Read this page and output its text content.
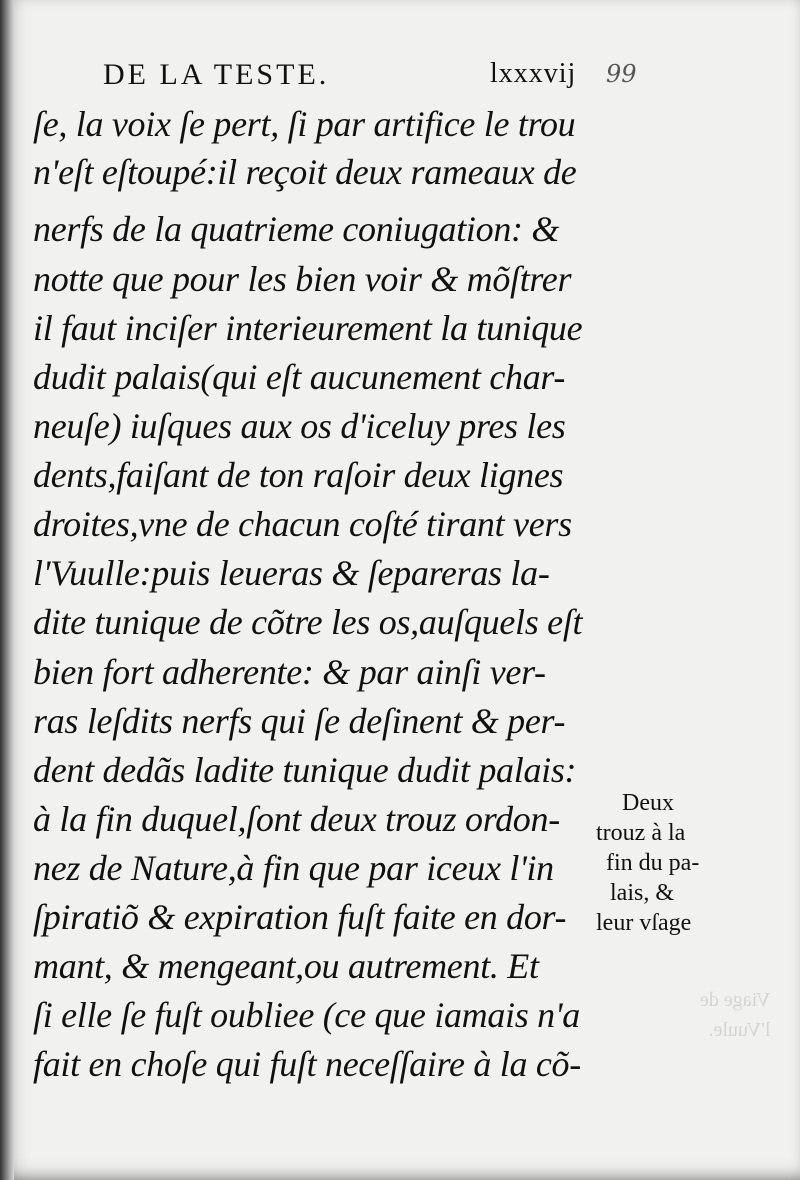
DE LA TESTE.	lxxxvij 99
ſe, la voix ſe pert, ſi par artifice le trou
n'eſt eſtoupé:il reçoit deux rameaux de
nerfs de la quatrieme coniugation: &
notte que pour les bien voir & mõſtrer
il faut inciſer interieurement la tunique
dudit palais(qui eſt aucunement char-
neuſe) iuſques aux os d'iceluy pres les
dents,faiſant de ton raſoir deux lignes
droites,vne de chacun coſté tirant vers
l'Vuulle:puis leueras & ſepareras la-
dite tunique de cõtre les os,auſquels eſt
bien fort adherente: & par ainſi ver-
ras leſdits nerfs qui ſe deſinent & per-
dent dedãs ladite tunique dudit palais:
à la fin duquel,ſont deux trouz ordon-
nez de Nature,à fin que par iceux l'in
ſpiratiõ & expiration fuſt faite en dor-
mant, & mengeant,ou autrement. Et
ſi elle ſe fuſt oubliee (ce que iamais n'a
fait en choſe qui fuſt neceſſaire à la cõ-
Deux
trouz à la
fin du pa-
lais, &
leur vſage
Viage de
l'Vuule.
